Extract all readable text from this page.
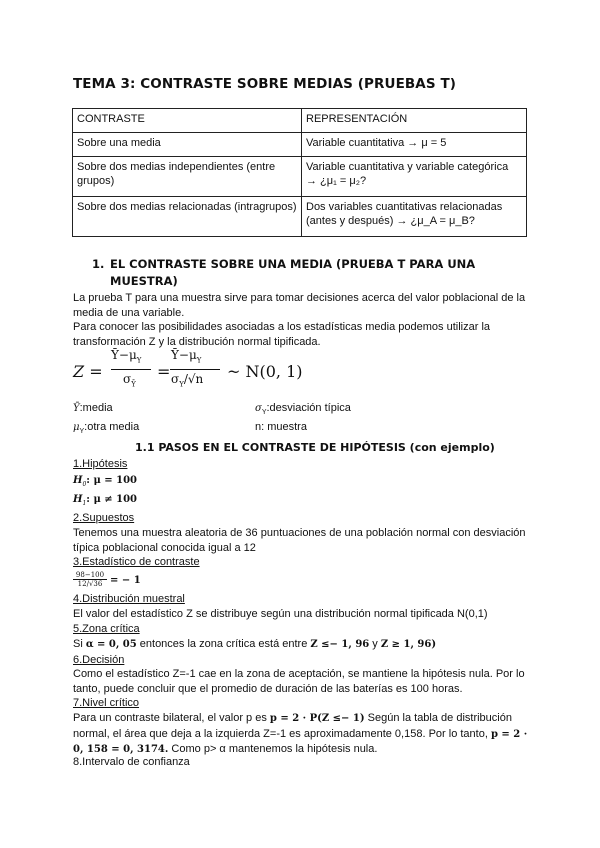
TEMA 3: CONTRASTE SOBRE MEDIAS (PRUEBAS T)
CONTRASTE	REPRESENTACIÓN
Sobre una media	Variable cuantitativa → μ = 5
Sobre dos medias independientes (entre grupos)	Variable cuantitativa y variable categórica → ¿μ₁ = μ₂?
Sobre dos medias relacionadas (intragrupos)	Dos variables cuantitativas relacionadas (antes y después) → ¿μ_A = μ_B?
1. EL CONTRASTE SOBRE UNA MEDIA (PRUEBA T PARA UNA MUESTRA)
La prueba T para una muestra sirve para tomar decisiones acerca del valor poblacional de la media de una variable.
Para conocer las posibilidades asociadas a los estadísticas media podemos utilizar la transformación Z y la distribución normal tipificada.
Z =
$Ȳ-\mu_Y$
$\sigma_Ȳ$
=
$Ȳ-\mu_Y$
$\sigma_Y/√n$ ~ N(0, 1)
Ȳ:media	$\sigma_Y:desviación$ típica
$\mu_Y:otra$ media	n: muestra
1.1 PASOS EN EL CONTRASTE DE HIPÓTESIS (con ejemplo)
1.Hipótesis
$H_0$: μ = 100
$H_1$: μ ≠ 100
2.Supuestos
Tenemos una muestra aleatoria de 36 puntuaciones de una población normal con desviación típica poblacional conocida igual a 12
3.Estadístico de contraste
$\frac{98-100}{12/√36}$ = − 1
4.Distribución muestral
El valor del estadístico Z se distribuye según una distribución normal tipificada N(0,1)
5.Zona crítica
Si α = 0, 05 entonces la zona crítica está entre Z ≤− 1, 96 y Z ≥ 1, 96)
6.Decisión
Como el estadístico Z=-1 cae en la zona de aceptación, se mantiene la hipótesis nula. Por lo tanto, puede concluir que el promedio de duración de las baterías es 100 horas.
7.Nivel crítico
Para un contraste bilateral, el valor p es p = 2 · P(Z ≤− 1) Según la tabla de distribución normal, el área que deja a la izquierda Z=-1 es aproximadamente 0,158. Por lo tanto, p = 2 · 0, 158 = 0, 3174. Como p> α mantenemos la hipótesis nula.
8.Intervalo de confianza
